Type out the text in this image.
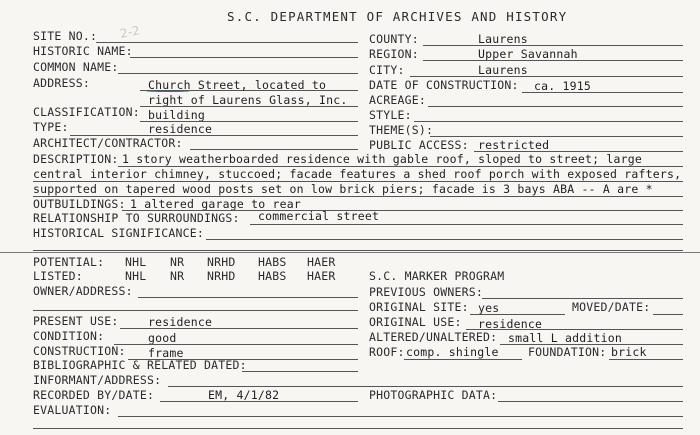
S.C. DEPARTMENT OF ARCHIVES AND HISTORY
2-2
SITE NO.:
HISTORIC NAME:
COMMON NAME:
ADDRESS:	Church Street, located to
right of Laurens Glass, Inc.
CLASSIFICATION: building
TYPE:	residence
ARCHITECT/CONTRACTOR:
COUNTY:	Laurens
REGION:	Upper Savannah
CITY:	Laurens
DATE OF CONSTRUCTION: ca. 1915
ACREAGE:
STYLE:
THEME(S):
PUBLIC ACCESS: restricted
DESCRIPTION: 1 story weatherboarded residence with gable roof, sloped to street; large
central interior chimney, stuccoed; facade features a shed roof porch with exposed rafters,
supported on tapered wood posts set on low brick piers; facade is 3 bays ABA -- A are *
OUTBUILDINGS: 1 altered garage to rear
RELATIONSHIP TO SURROUNDINGS: commercial street
HISTORICAL SIGNIFICANCE:
POTENTIAL: NHL NR NRHD HABS HAER
LISTED:	NHL NR NRHD HABS HAER
OWNER/ADDRESS:
S.C. MARKER PROGRAM
PREVIOUS OWNERS:
ORIGINAL SITE: yes	MOVED/DATE:
ORIGINAL USE: residence
ALTERED/UNALTERED: small L addition
ROOF: comp. shingle	FOUNDATION: brick
PRESENT USE:	residence
CONDITION:	good
CONSTRUCTION: frame
BIBLIOGRAPHIC & RELATED DATED:
INFORMANT/ADDRESS:
RECORDED BY/DATE:	EM, 4/1/82	PHOTOGRAPHIC DATA:
EVALUATION:
